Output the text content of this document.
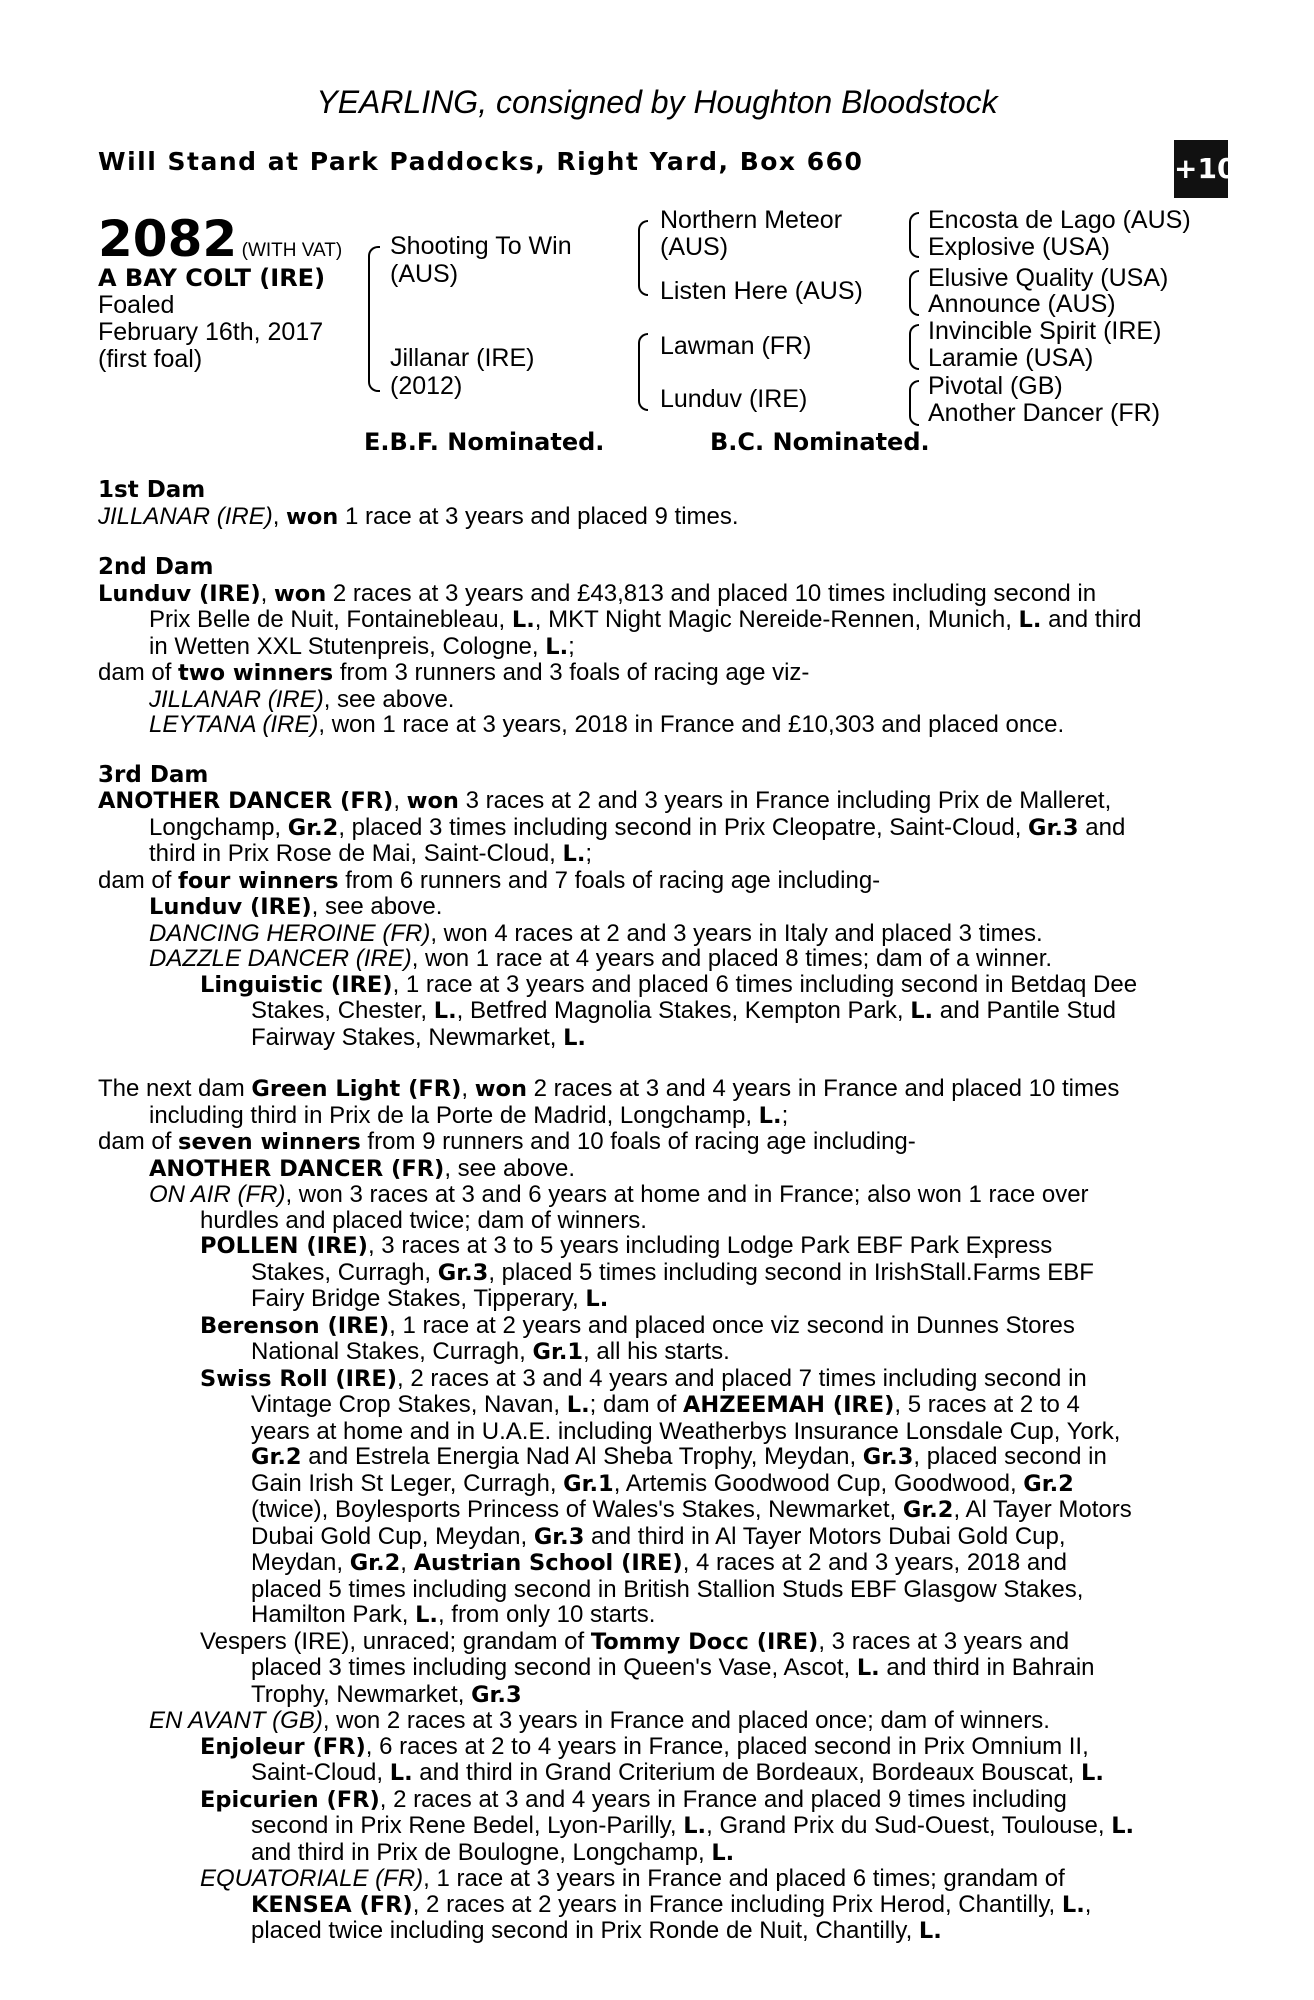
YEARLING, consigned by Houghton Bloodstock
Will Stand at Park Paddocks, Right Yard, Box 660	+10
2082 (WITH VAT)
A BAY COLT (IRE)
Foaled
February 16th, 2017
(first foal)
Shooting To Win
(AUS)
Jillanar (IRE)
(2012)
Northern Meteor
(AUS)
Listen Here (AUS)
Lawman (FR)
Lunduv (IRE)
Encosta de Lago (AUS)
Explosive (USA)
Elusive Quality (USA)
Announce (AUS)
Invincible Spirit (IRE)
Laramie (USA)
Pivotal (GB)
Another Dancer (FR)
E.B.F. Nominated.	B.C. Nominated.
1st Dam
JILLANAR (IRE), won 1 race at 3 years and placed 9 times.
2nd Dam
Lunduv (IRE), won 2 races at 3 years and £43,813 and placed 10 times including second in
Prix Belle de Nuit, Fontainebleau, L., MKT Night Magic Nereide-Rennen, Munich, L. and third
in Wetten XXL Stutenpreis, Cologne, L.;
dam of two winners from 3 runners and 3 foals of racing age viz-
JILLANAR (IRE), see above.
LEYTANA (IRE), won 1 race at 3 years, 2018 in France and £10,303 and placed once.
3rd Dam
ANOTHER DANCER (FR), won 3 races at 2 and 3 years in France including Prix de Malleret,
Longchamp, Gr.2, placed 3 times including second in Prix Cleopatre, Saint-Cloud, Gr.3 and
third in Prix Rose de Mai, Saint-Cloud, L.;
dam of four winners from 6 runners and 7 foals of racing age including-
Lunduv (IRE), see above.
DANCING HEROINE (FR), won 4 races at 2 and 3 years in Italy and placed 3 times.
DAZZLE DANCER (IRE), won 1 race at 4 years and placed 8 times; dam of a winner.
Linguistic (IRE), 1 race at 3 years and placed 6 times including second in Betdaq Dee
Stakes, Chester, L., Betfred Magnolia Stakes, Kempton Park, L. and Pantile Stud
Fairway Stakes, Newmarket, L.
The next dam Green Light (FR), won 2 races at 3 and 4 years in France and placed 10 times
including third in Prix de la Porte de Madrid, Longchamp, L.;
dam of seven winners from 9 runners and 10 foals of racing age including-
ANOTHER DANCER (FR), see above.
ON AIR (FR), won 3 races at 3 and 6 years at home and in France; also won 1 race over
hurdles and placed twice; dam of winners.
POLLEN (IRE), 3 races at 3 to 5 years including Lodge Park EBF Park Express
Stakes, Curragh, Gr.3, placed 5 times including second in IrishStall.Farms EBF
Fairy Bridge Stakes, Tipperary, L.
Berenson (IRE), 1 race at 2 years and placed once viz second in Dunnes Stores
National Stakes, Curragh, Gr.1, all his starts.
Swiss Roll (IRE), 2 races at 3 and 4 years and placed 7 times including second in
Vintage Crop Stakes, Navan, L.; dam of AHZEEMAH (IRE), 5 races at 2 to 4
years at home and in U.A.E. including Weatherbys Insurance Lonsdale Cup, York,
Gr.2 and Estrela Energia Nad Al Sheba Trophy, Meydan, Gr.3, placed second in
Gain Irish St Leger, Curragh, Gr.1, Artemis Goodwood Cup, Goodwood, Gr.2
(twice), Boylesports Princess of Wales's Stakes, Newmarket, Gr.2, Al Tayer Motors
Dubai Gold Cup, Meydan, Gr.3 and third in Al Tayer Motors Dubai Gold Cup,
Meydan, Gr.2, Austrian School (IRE), 4 races at 2 and 3 years, 2018 and
placed 5 times including second in British Stallion Studs EBF Glasgow Stakes,
Hamilton Park, L., from only 10 starts.
Vespers (IRE), unraced; grandam of Tommy Docc (IRE), 3 races at 3 years and
placed 3 times including second in Queen's Vase, Ascot, L. and third in Bahrain
Trophy, Newmarket, Gr.3
EN AVANT (GB), won 2 races at 3 years in France and placed once; dam of winners.
Enjoleur (FR), 6 races at 2 to 4 years in France, placed second in Prix Omnium II,
Saint-Cloud, L. and third in Grand Criterium de Bordeaux, Bordeaux Bouscat, L.
Epicurien (FR), 2 races at 3 and 4 years in France and placed 9 times including
second in Prix Rene Bedel, Lyon-Parilly, L., Grand Prix du Sud-Ouest, Toulouse, L.
and third in Prix de Boulogne, Longchamp, L.
EQUATORIALE (FR), 1 race at 3 years in France and placed 6 times; grandam of
KENSEA (FR), 2 races at 2 years in France including Prix Herod, Chantilly, L.,
placed twice including second in Prix Ronde de Nuit, Chantilly, L.
